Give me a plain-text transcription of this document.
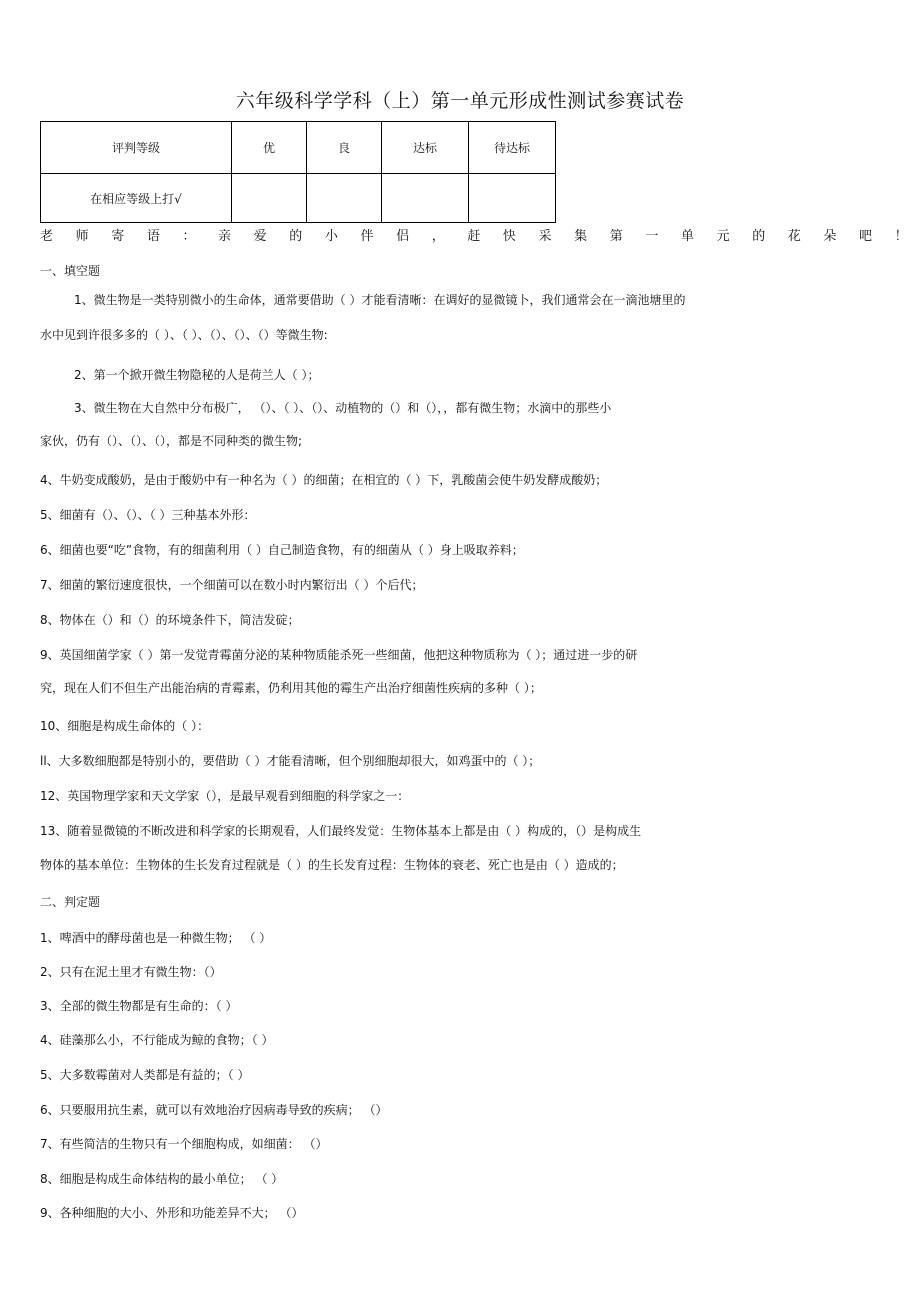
六年级科学学科（上）第一单元形成性测试参赛试卷
评判等级	优	良	达标	待达标
在相应等级上打√				
老 师 寄 语 ： 亲 爱 的 小 伴 侣 ， 赶 快 采 集 第 一 单 元 的 花 朵 吧 ！
一、填空题
1、微生物是一类特别微小的生命体，通常要借助（ ）才能看清晰：在调好的显微镜卜，我们通常会在一滴池塘里的
水中见到许很多多的（ ）、（ ）、（）、（）、（）等微生物:
2、第一个掀开微生物隐秘的人是荷兰人（ ）；
3、微生物在大自然中分布极广， （）、（ ）、（）、动植物的（）和（），，都有微生物；水滴中的那些小
家伙，仍有（）、（）、（），都是不同种类的微生物;
4、牛奶变成酸奶，是由于酸奶中有一种名为（ ）的细菌；在相宜的（ ）下，乳酸菌会使牛奶发酵成酸奶；
5、细菌有（）、（）、（ ）三种基本外形：
6、细菌也要“吃”食物，有的细菌利用（ ）自己制造食物，有的细菌从（ ）身上吸取养料；
7、细菌的繁衍速度很快，一个细菌可以在数小时内繁衍出（ ）个后代；
8、物体在（）和（）的环境条件下，简洁发碇；
9、英国细菌学家（ ）第一发觉青霉菌分泌的某种物质能杀死一些细菌，他把这种物质称为（ ）；通过进一步的研
究，现在人们不但生产出能治病的青霉素，仍利用其他的霉生产出治疗细菌性疾病的多种（ ）；
10、细胞是构成生命体的（ ）：
ll、大多数细胞都是特别小的，要借助（ ）才能看清晰，但个别细胞却很大，如鸡蛋中的（ ）；
12、英国物理学家和天文学家（），是最早观看到细胞的科学家之一：
13、随着显微镜的不断改进和科学家的长期观看，人们最终发觉：生物体基本上都是由（ ）构成的，（）是构成生
物体的基本单位：生物体的生长发育过程就是（ ）的生长发育过程：生物体的衰老、死亡也是由（ ）造成的；
二、判定题
1、啤酒中的酵母菌也是一种微生物； （ ）
2、只有在泥土里才有微生物：（）
3、全部的微生物都是有生命的：（ ）
4、硅藻那么小，不行能成为鲸的食物；（ ）
5、大多数霉菌对人类都是有益的；（ ）
6、只要服用抗生素，就可以有效地治疗因病毒导致的疾病； （）
7、有些简洁的生物只有一个细胞构成，如细菌： （）
8、细胞是构成生命体结构的最小单位； （ ）
9、各种细胞的大小、外形和功能差异不大； （）
